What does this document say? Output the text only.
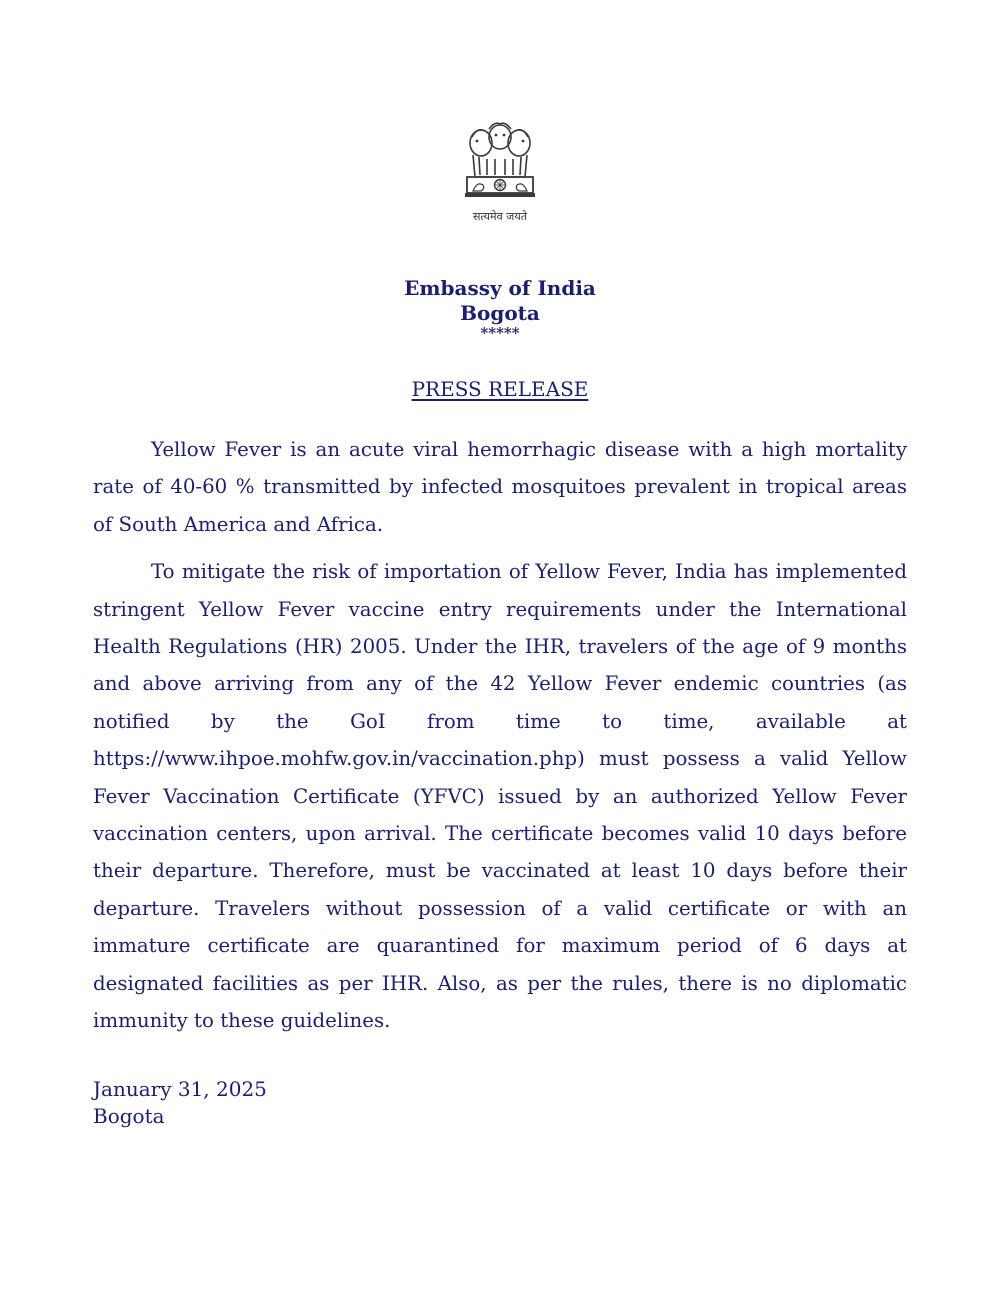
सत्यमेव जयते
Embassy of India
Bogota
*****
PRESS RELEASE

Yellow Fever is an acute viral hemorrhagic disease with a high mortality rate of 40-60 % transmitted by infected mosquitoes prevalent in tropical areas of South America and Africa.

To mitigate the risk of importation of Yellow Fever, India has implemented stringent Yellow Fever vaccine entry requirements under the International Health Regulations (HR) 2005. Under the IHR, travelers of the age of 9 months and above arriving from any of the 42 Yellow Fever endemic countries (as notified by the GoI from time to time, available at https://www.ihpoe.mohfw.gov.in/vaccination.php) must possess a valid Yellow Fever Vaccination Certificate (YFVC) issued by an authorized Yellow Fever vaccination centers, upon arrival. The certificate becomes valid 10 days before their departure. Therefore, must be vaccinated at least 10 days before their departure. Travelers without possession of a valid certificate or with an immature certificate are quarantined for maximum period of 6 days at designated facilities as per IHR. Also, as per the rules, there is no diplomatic immunity to these guidelines.

January 31, 2025
Bogota
